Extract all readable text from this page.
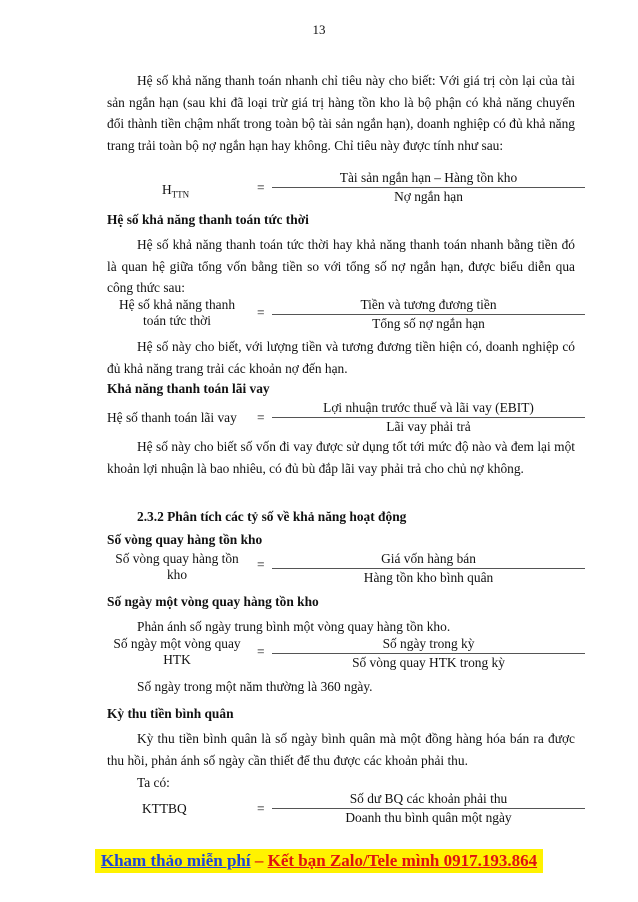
13
Hệ số khả năng thanh toán nhanh chỉ tiêu này cho biết: Với giá trị còn lại của tài sản ngắn hạn (sau khi đã loại trừ giá trị hàng tồn kho là bộ phận có khả năng chuyển đổi thành tiền chậm nhất trong toàn bộ tài sản ngắn hạn), doanh nghiệp có đủ khả năng trang trải toàn bộ nợ ngắn hạn hay không. Chỉ tiêu này được tính như sau:
$H_{TTN}$	=
Tài sản ngắn hạn – Hàng tồn kho
Nợ ngắn hạn
Hệ số khả năng thanh toán tức thời
Hệ số khả năng thanh toán tức thời hay khả năng thanh toán nhanh bằng tiền đó là quan hệ giữa tổng vốn bằng tiền so với tổng số nợ ngắn hạn, được biểu diễn qua công thức sau:
Hệ số khả năng thanh
toán tức thời
=
Tiền và tương đương tiền
Tổng số nợ ngắn hạn
Hệ số này cho biết, với lượng tiền và tương đương tiền hiện có, doanh nghiệp có đủ khả năng trang trải các khoản nợ đến hạn.
Khả năng thanh toán lãi vay
Hệ số thanh toán lãi vay =
Lợi nhuận trước thuế và lãi vay (EBIT)
Lãi vay phải trả
Hệ số này cho biết số vốn đi vay được sử dụng tốt tới mức độ nào và đem lại một khoản lợi nhuận là bao nhiêu, có đủ bù đắp lãi vay phải trả cho chủ nợ không.
2.3.2 Phân tích các tỷ số về khả năng hoạt động
Số vòng quay hàng tồn kho
Số vòng quay hàng tồn
kho
=	Giá vốn hàng bán
Hàng tồn kho bình quân
Số ngày một vòng quay hàng tồn kho
Phản ánh số ngày trung bình một vòng quay hàng tồn kho.
Số ngày một vòng quay
HTK
=
Số ngày trong kỳ
Số vòng quay HTK trong kỳ
Số ngày trong một năm thường là 360 ngày.
Kỳ thu tiền bình quân
Kỳ thu tiền bình quân là số ngày bình quân mà một đồng hàng hóa bán ra được thu hồi, phản ánh số ngày cần thiết để thu được các khoản phải thu.
Ta có:
KTTBQ	=
Số dư BQ các khoản phải thu
Doanh thu bình quân một ngày
Kham thảo miễn phí – Kết bạn Zalo/Tele mình 0917.193.864
